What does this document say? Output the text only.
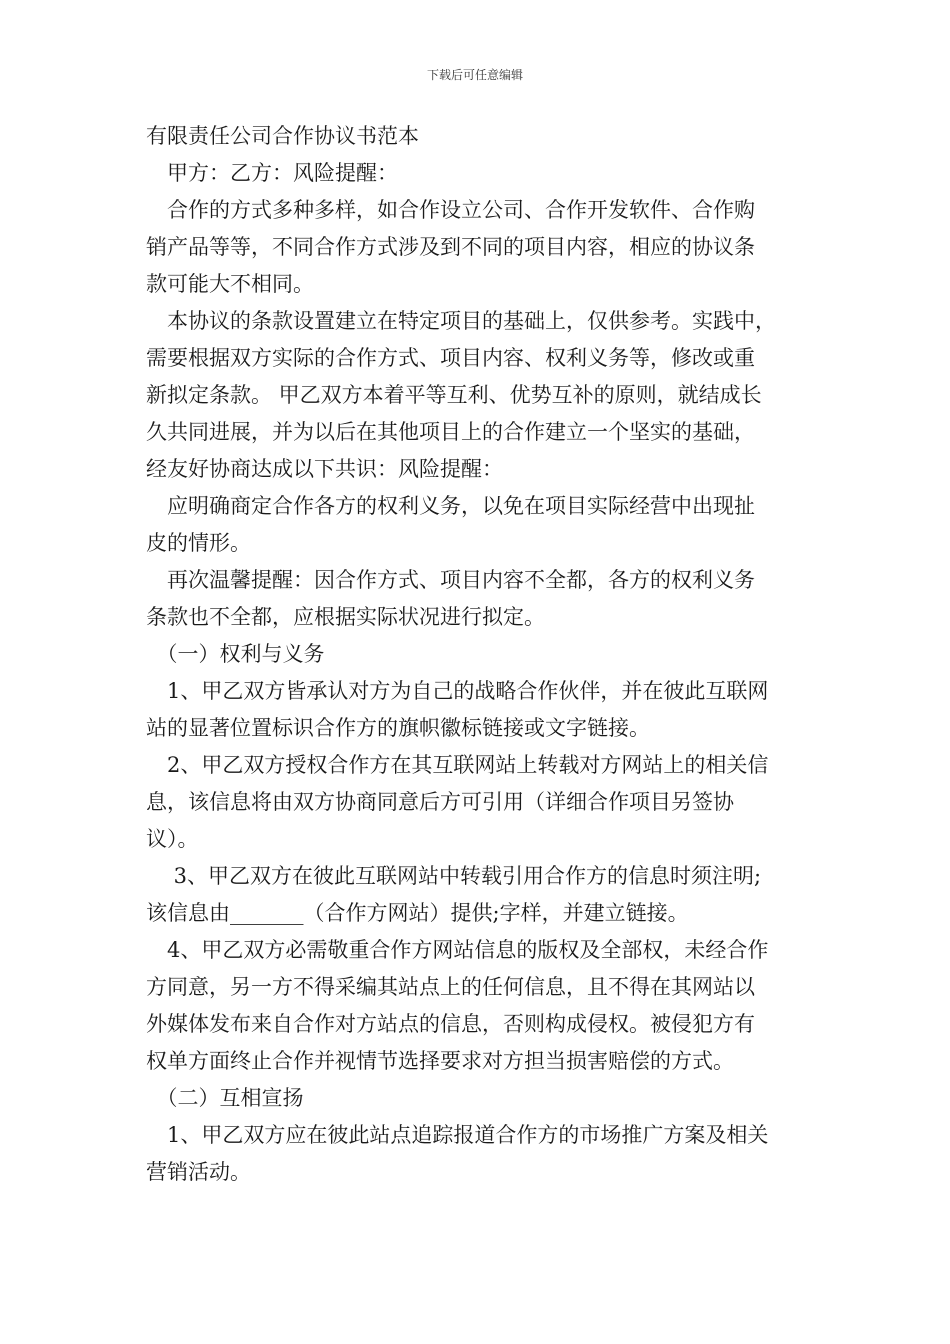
下载后可任意编辑

有限责任公司合作协议书范本

　甲方：乙方：风险提醒：

　合作的方式多种多样，如合作设立公司、合作开发软件、合作购

销产品等等，不同合作方式涉及到不同的项目内容，相应的协议条

款可能大不相同。

　本协议的条款设置建立在特定项目的基础上，仅供参考。实践中，

需要根据双方实际的合作方式、项目内容、权利义务等，修改或重

新拟定条款。 甲乙双方本着平等互利、优势互补的原则，就结成长

久共同进展，并为以后在其他项目上的合作建立一个坚实的基础，

经友好协商达成以下共识：风险提醒：

　应明确商定合作各方的权利义务，以免在项目实际经营中出现扯

皮的情形。

　再次温馨提醒：因合作方式、项目内容不全都，各方的权利义务

条款也不全都，应根据实际状况进行拟定。

　（一）权利与义务

　1、甲乙双方皆承认对方为自己的战略合作伙伴，并在彼此互联网

站的显著位置标识合作方的旗帜徽标链接或文字链接。

　2、甲乙双方授权合作方在其互联网站上转载对方网站上的相关信

息，该信息将由双方协商同意后方可引用（详细合作项目另签协

议）。

　 3、甲乙双方在彼此互联网站中转载引用合作方的信息时须注明;

该信息由_______（合作方网站）提供;字样，并建立链接。

　4、甲乙双方必需敬重合作方网站信息的版权及全部权，未经合作

方同意，另一方不得采编其站点上的任何信息，且不得在其网站以

外媒体发布来自合作对方站点的信息，否则构成侵权。被侵犯方有

权单方面终止合作并视情节选择要求对方担当损害赔偿的方式。

　（二）互相宣扬

　1、甲乙双方应在彼此站点追踪报道合作方的市场推广方案及相关

营销活动。
